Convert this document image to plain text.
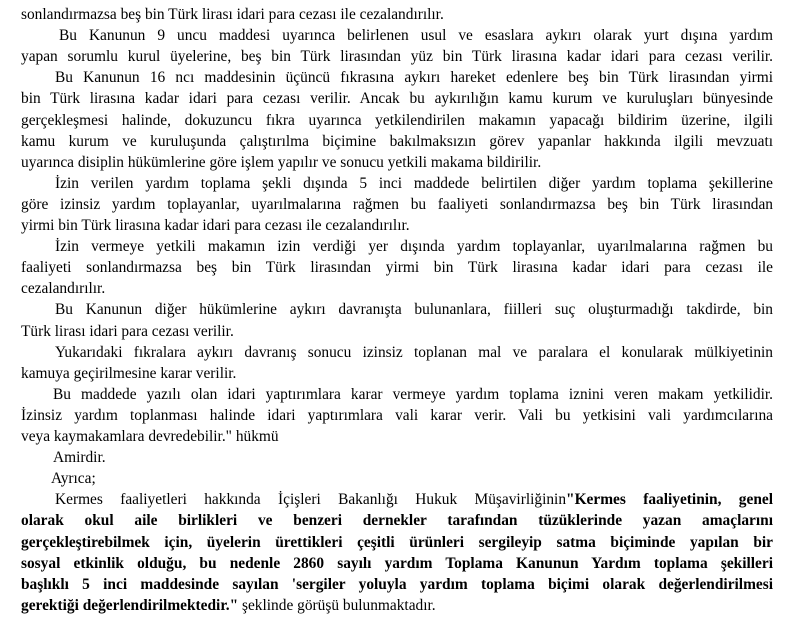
sonlandırmazsa beş bin Türk lirası idari para cezası ile cezalandırılır.
Bu Kanunun 9 uncu maddesi uyarınca belirlenen usul ve esaslara aykırı olarak yurt dışına yardım
yapan sorumlu kurul üyelerine, beş bin Türk lirasından yüz bin Türk lirasına kadar idari para cezası verilir.
Bu Kanunun 16 ncı maddesinin üçüncü fıkrasına aykırı hareket edenlere beş bin Türk lirasından yirmi
bin Türk lirasına kadar idari para cezası verilir. Ancak bu aykırılığın kamu kurum ve kuruluşları bünyesinde
gerçekleşmesi halinde, dokuzuncu fıkra uyarınca yetkilendirilen makamın yapacağı bildirim üzerine, ilgili
kamu kurum ve kuruluşunda çalıştırılma biçimine bakılmaksızın görev yapanlar hakkında ilgili mevzuatı
uyarınca disiplin hükümlerine göre işlem yapılır ve sonucu yetkili makama bildirilir.
İzin verilen yardım toplama şekli dışında 5 inci maddede belirtilen diğer yardım toplama şekillerine
göre izinsiz yardım toplayanlar, uyarılmalarına rağmen bu faaliyeti sonlandırmazsa beş bin Türk lirasından
yirmi bin Türk lirasına kadar idari para cezası ile cezalandırılır.
İzin vermeye yetkili makamın izin verdiği yer dışında yardım toplayanlar, uyarılmalarına rağmen bu
faaliyeti sonlandırmazsa beş bin Türk lirasından yirmi bin Türk lirasına kadar idari para cezası ile
cezalandırılır.
Bu Kanunun diğer hükümlerine aykırı davranışta bulunanlara, fiilleri suç oluşturmadığı takdirde, bin
Türk lirası idari para cezası verilir.
Yukarıdaki fıkralara aykırı davranış sonucu izinsiz toplanan mal ve paralara el konularak mülkiyetinin
kamuya geçirilmesine karar verilir.
Bu maddede yazılı olan idari yaptırımlara karar vermeye yardım toplama iznini veren makam yetkilidir.
İzinsiz yardım toplanması halinde idari yaptırımlara vali karar verir. Vali bu yetkisini vali yardımcılarına
veya kaymakamlara devredebilir." hükmü
Amirdir.
Ayrıca;
Kermes faaliyetleri hakkında İçişleri Bakanlığı Hukuk Müşavirliğinin"Kermes faaliyetinin, genel
olarak okul aile birlikleri ve benzeri dernekler tarafından tüzüklerinde yazan amaçlarını
gerçekleştirebilmek için, üyelerin ürettikleri çeşitli ürünleri sergileyip satma biçiminde yapılan bir
sosyal etkinlik olduğu, bu nedenle 2860 sayılı yardım Toplama Kanunun Yardım toplama şekilleri
başlıklı 5 inci maddesinde sayılan 'sergiler yoluyla yardım toplama biçimi olarak değerlendirilmesi
gerektiği değerlendirilmektedir." şeklinde görüşü bulunmaktadır.
